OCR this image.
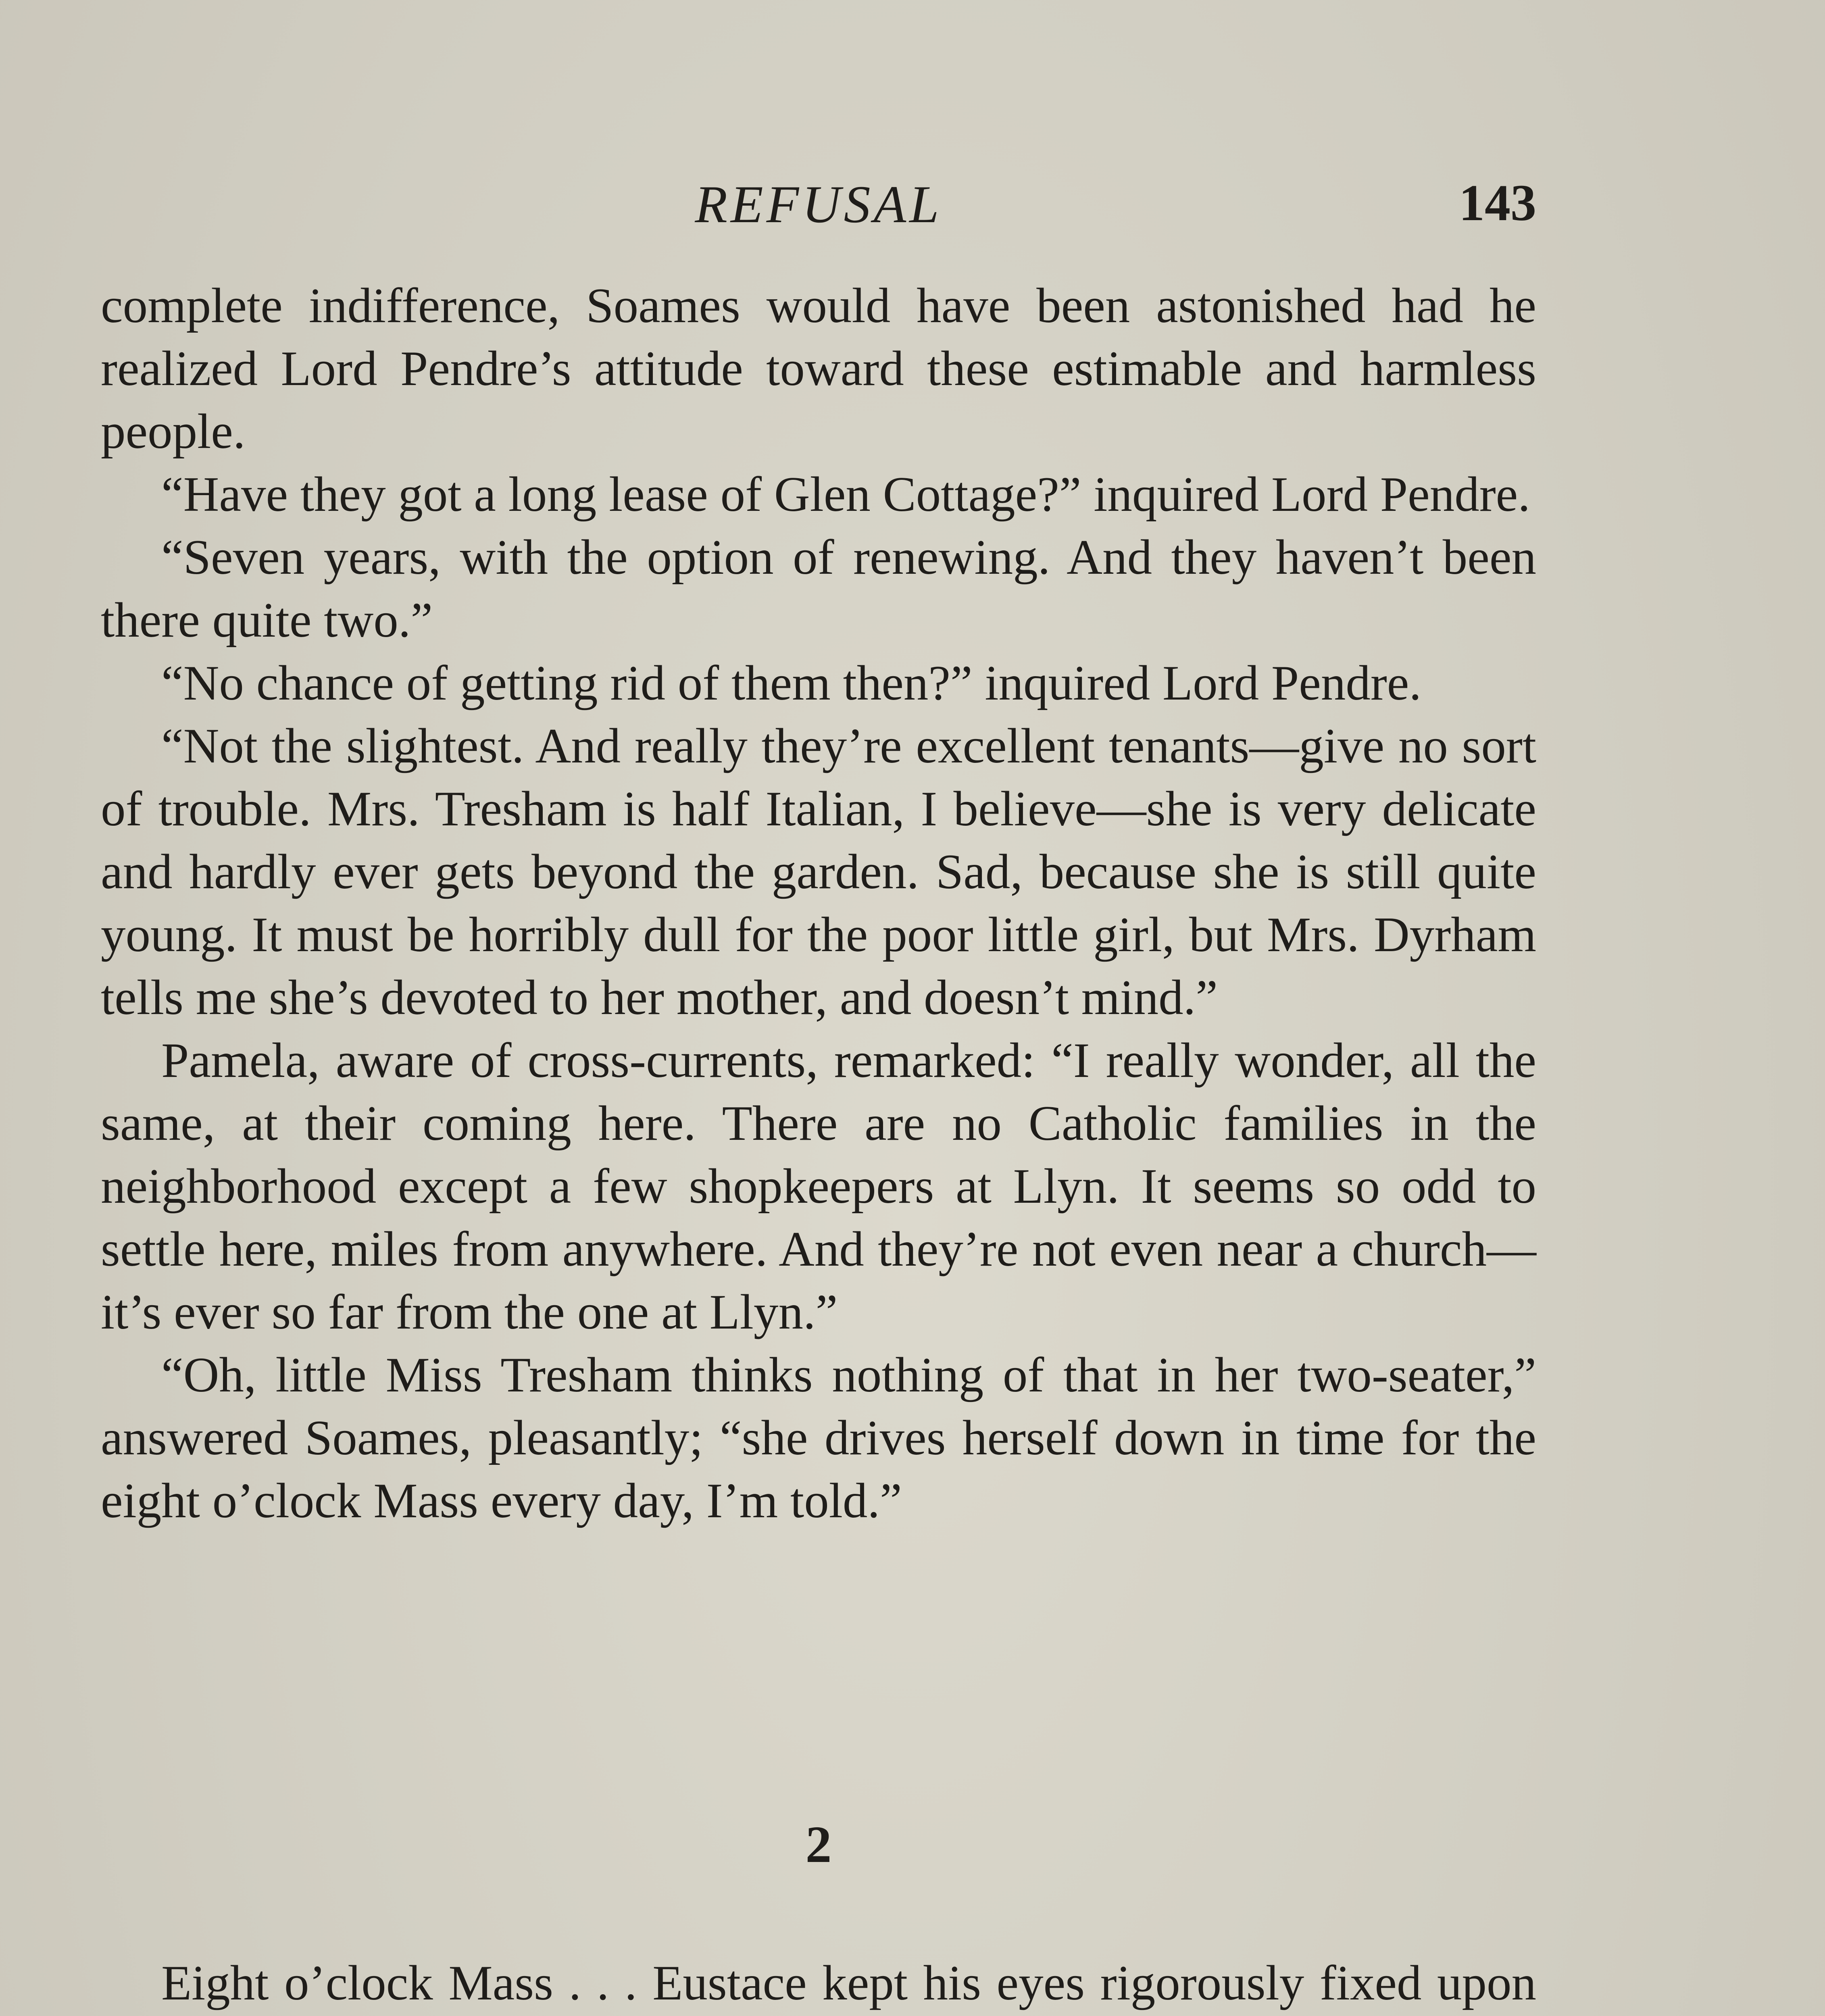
REFUSAL	143

complete indifference, Soames would have been astonished had he realized Lord Pendre’s attitude toward these estimable and harmless people.

“Have they got a long lease of Glen Cottage?” inquired Lord Pendre.

“Seven years, with the option of renewing. And they haven’t been there quite two.”

“No chance of getting rid of them then?” inquired Lord Pendre.

“Not the slightest. And really they’re excellent tenants—give no sort of trouble. Mrs. Tresham is half Italian, I believe—she is very delicate and hardly ever gets beyond the garden. Sad, because she is still quite young. It must be horribly dull for the poor little girl, but Mrs. Dyrham tells me she’s devoted to her mother, and doesn’t mind.”

Pamela, aware of cross-currents, remarked: “I really wonder, all the same, at their coming here. There are no Catholic families in the neighborhood except a few shopkeepers at Llyn. It seems so odd to settle here, miles from anywhere. And they’re not even near a church—it’s ever so far from the one at Llyn.”

“Oh, little Miss Tresham thinks nothing of that in her two-seater,” answered Soames, pleasantly; “she drives herself down in time for the eight o’clock Mass every day, I’m told.”

2

Eight o’clock Mass . . . Eustace kept his eyes rigorously fixed upon
